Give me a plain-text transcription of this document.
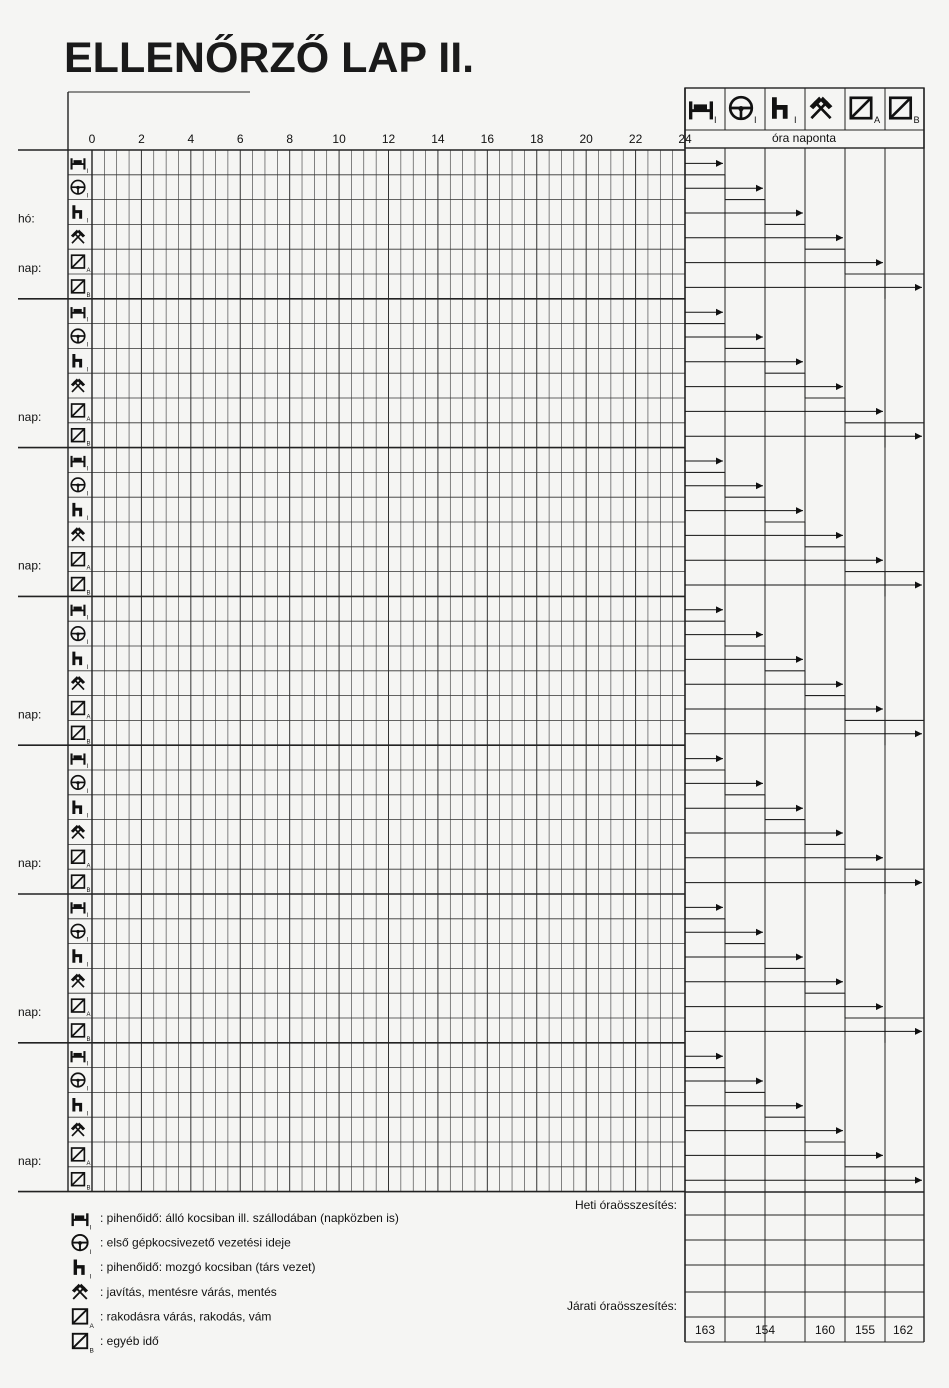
ELLENŐRZŐ LAP II.
0	2	4	6	8	10	12	14	16	18	20	22	24
I
I
I
A
B
I
I
I
A
B
I
I
I
A
B
I
I
I
A
B
I
I
I
A
B
I
I
I
A
B
I
I
I
A
B
hó:
nap:
nap:
nap:
nap:
nap:
nap:
nap:
I	I	I	A	B
óra naponta
Heti óraösszesítés:
Járati óraösszesítés:
163	154	160 155 162
I
: pihenőidő: álló kocsiban ill. szállodában (napközben is)
I
: első gépkocsivezető vezetési ideje
I
: pihenőidő: mozgó kocsiban (társ vezet)
: javítás, mentésre várás, mentés
A
: rakodásra várás, rakodás, vám
B
: egyéb idő
